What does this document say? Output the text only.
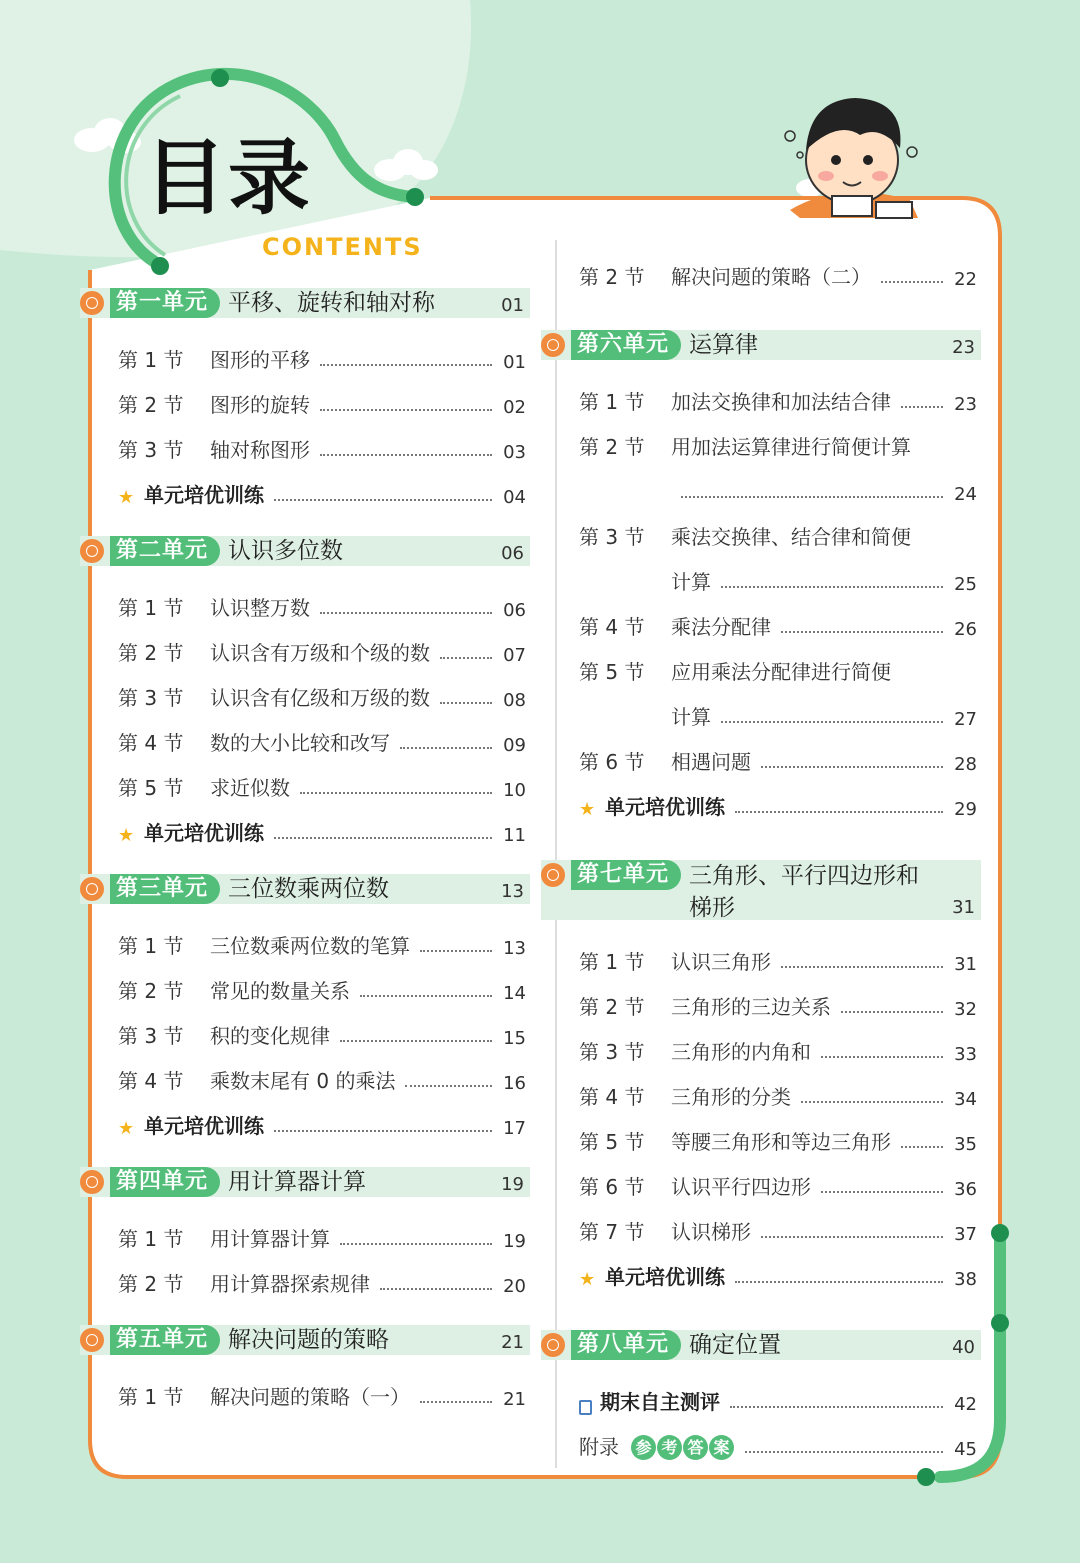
目录
CONTENTS
第一单元 平移、旋转和轴对称	01
第 1 节	图形的平移	01
第 2 节	图形的旋转	02
第 3 节	轴对称图形	03
★ 单元培优训练	04
第二单元 认识多位数	06
第 1 节	认识整万数	06
第 2 节	认识含有万级和个级的数	07
第 3 节	认识含有亿级和万级的数	08
第 4 节	数的大小比较和改写	09
第 5 节	求近似数	10
★ 单元培优训练	11
第三单元 三位数乘两位数	13
第 1 节	三位数乘两位数的笔算	13
第 2 节	常见的数量关系	14
第 3 节	积的变化规律	15
第 4 节	乘数末尾有 0 的乘法	16
★ 单元培优训练	17
第四单元 用计算器计算	19
第 1 节	用计算器计算	19
第 2 节	用计算器探索规律	20
第五单元 解决问题的策略	21
第 1 节	解决问题的策略（一）	21
第 2 节	解决问题的策略（二）	22
第六单元 运算律	23
第 1 节	加法交换律和加法结合律	23
第 2 节	用加法运算律进行简便计算
24
第 3 节	乘法交换律、结合律和简便
计算	25
第 4 节	乘法分配律	26
第 5 节	应用乘法分配律进行简便
计算	27
第 6 节	相遇问题	28
★ 单元培优训练	29
第七单元 三角形、平行四边形和梯形	31
第 1 节	认识三角形	31
第 2 节	三角形的三边关系	32
第 3 节	三角形的内角和	33
第 4 节	三角形的分类	34
第 5 节	等腰三角形和等边三角形	35
第 6 节	认识平行四边形	36
第 7 节	认识梯形	37
★ 单元培优训练	38
第八单元 确定位置	40
期末自主测评	42
附录 参 考 答 案	45
